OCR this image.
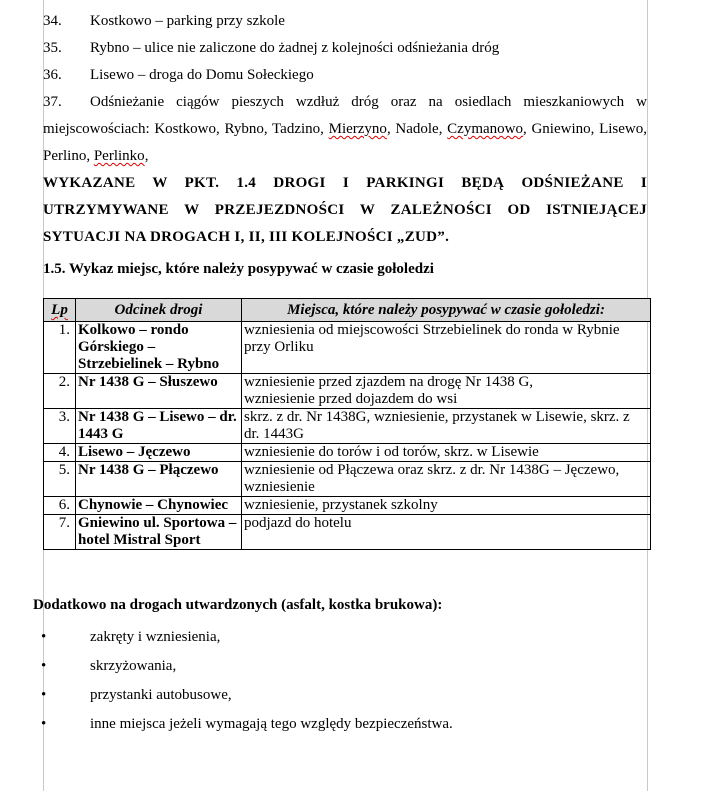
34.	Kostkowo – parking przy szkole
35.	Rybno – ulice nie zaliczone do żadnej z kolejności odśnieżania dróg
36.	Lisewo – droga do Domu Sołeckiego
37. Odśnieżanie ciągów pieszych wzdłuż dróg oraz na osiedlach mieszkaniowych w miejscowościach: Kostkowo, Rybno, Tadzino, Mierzyno, Nadole, Czymanowo, Gniewino, Lisewo, Perlino, Perlinko,
WYKAZANE W PKT. 1.4 DROGI I PARKINGI BĘDĄ ODŚNIEŻANE I UTRZYMYWANE W PRZEJEZDNOŚCI W ZALEŻNOŚCI OD ISTNIEJĄCEJ SYTUACJI NA DROGACH I, II, III KOLEJNOŚCI „ZUD”.
1.5. Wykaz miejsc, które należy posypywać w czasie gołoledzi
Lp	Odcinek drogi	Miejsca, które należy posypywać w czasie gołoledzi:
1.	Kolkowo – rondo Górskiego – Strzebielinek – Rybno	wzniesienia od miejscowości Strzebielinek do ronda w Rybnie przy Orliku
2.	Nr 1438 G – Słuszewo	wzniesienie przed zjazdem na drogę Nr 1438 G,
wzniesienie przed dojazdem do wsi
3.	Nr 1438 G – Lisewo – dr. 1443 G	skrz. z dr. Nr 1438G, wzniesienie, przystanek w Lisewie, skrz. z dr. 1443G
4.	Lisewo – Jęczewo	wzniesienie do torów i od torów, skrz. w Lisewie
5.	Nr 1438 G – Płączewo	wzniesienie od Płączewa oraz skrz. z dr. Nr 1438G – Jęczewo, wzniesienie
6.	Chynowie – Chynowiec	wzniesienie, przystanek szkolny
7.	Gniewino ul. Sportowa – hotel Mistral Sport	podjazd do hotelu
Dodatkowo na drogach utwardzonych (asfalt, kostka brukowa):
•	zakręty i wzniesienia,
•	skrzyżowania,
•	przystanki autobusowe,
•	inne miejsca jeżeli wymagają tego względy bezpieczeństwa.
